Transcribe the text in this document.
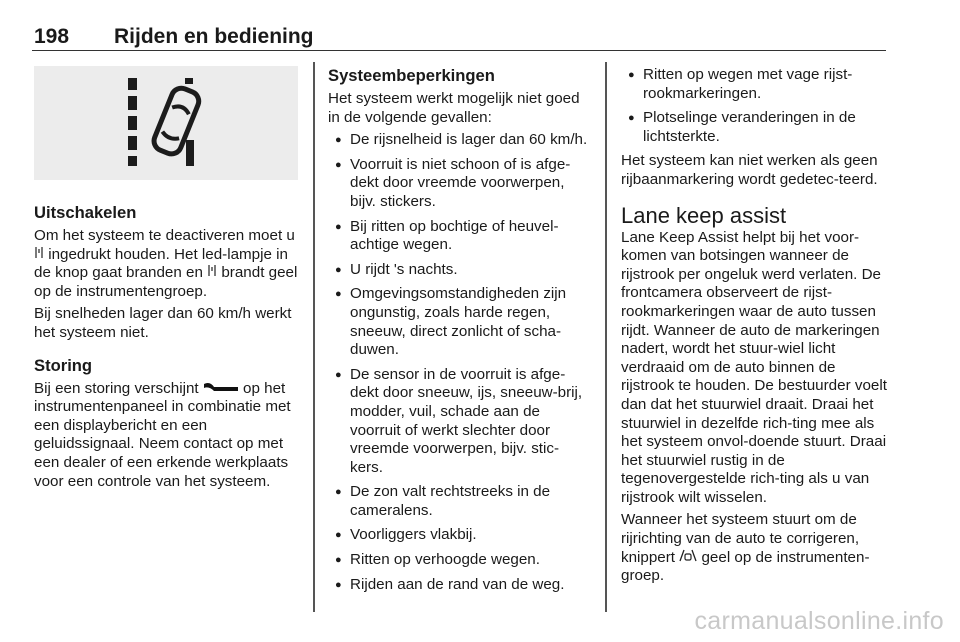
198 Rijden en bediening
Uitschakelen

Om het systeem te deactiveren moet u  ingedrukt houden. Het led-lampje in de knop gaat branden en  brandt geel op de instrumentengroep.

Bij snelheden lager dan 60 km/h werkt het systeem niet.

Storing

Bij een storing verschijnt  op het instrumentenpaneel in combinatie met een displaybericht en een geluidssignaal. Neem contact op met een dealer of een erkende werkplaats voor een controle van het systeem.

Systeembeperkingen

Het systeem werkt mogelijk niet goed in de volgende gevallen:

● De rijsnelheid is lager dan 60 km/h.
● Voorruit is niet schoon of is afge-dekt door vreemde voorwerpen, bijv. stickers.
● Bij ritten op bochtige of heuvel-achtige wegen.
● U rijdt 's nachts.
● Omgevingsomstandigheden zijn ongunstig, zoals harde regen, sneeuw, direct zonlicht of scha-duwen.
● De sensor in de voorruit is afge-dekt door sneeuw, ijs, sneeuw-brij, modder, vuil, schade aan de voorruit of werkt slechter door vreemde voorwerpen, bijv. stic-kers.
● De zon valt rechtstreeks in de cameralens.
● Voorliggers vlakbij.
● Ritten op verhoogde wegen.
● Rijden aan de rand van de weg.
● Ritten op wegen met vage rijst-rookmarkeringen.
● Plotselinge veranderingen in de lichtsterkte.

Het systeem kan niet werken als geen rijbaanmarkering wordt gedetec-teerd.

Lane keep assist

Lane Keep Assist helpt bij het voor-komen van botsingen wanneer de rijstrook per ongeluk werd verlaten. De frontcamera observeert de rijst-rookmarkeringen waar de auto tussen rijdt. Wanneer de auto de markeringen nadert, wordt het stuur-wiel licht verdraaid om de auto binnen de rijstrook te houden. De bestuurder voelt dan dat het stuurwiel draait. Draai het stuurwiel in dezelfde rich-ting mee als het systeem onvol-doende stuurt. Draai het stuurwiel rustig in de tegenovergestelde rich-ting als u van rijstrook wilt wisselen.

Wanneer het systeem stuurt om de rijrichting van de auto te corrigeren, knippert  geel op de instrumenten-groep.

carmanualsonline.info
